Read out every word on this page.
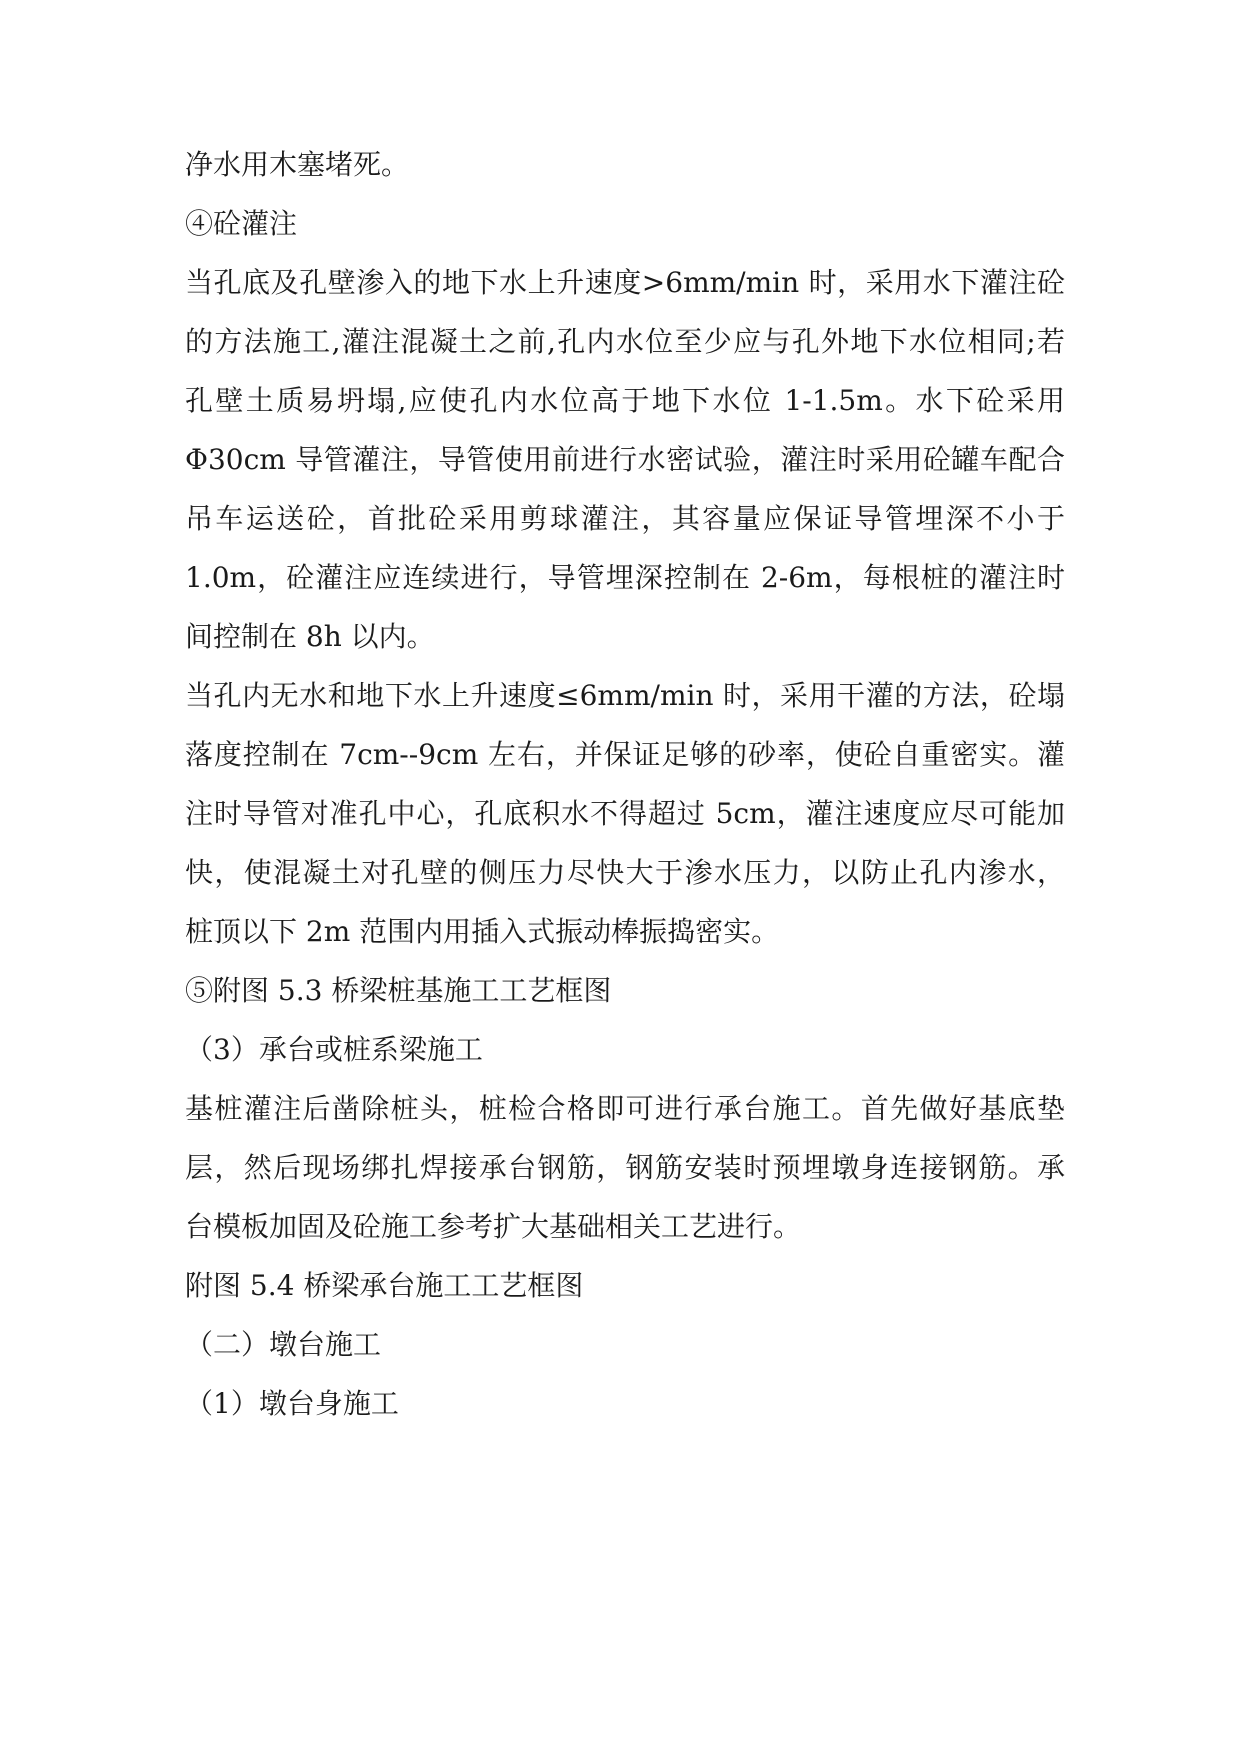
净水用木塞堵死。
④砼灌注
当孔底及孔壁渗入的地下水上升速度>6mm/min 时，采用水下灌注砼
的方法施工,灌注混凝土之前,孔内水位至少应与孔外地下水位相同;若
孔壁土质易坍塌,应使孔内水位高于地下水位 1-1.5m。水下砼采用
Φ30cm 导管灌注，导管使用前进行水密试验，灌注时采用砼罐车配合
吊车运送砼，首批砼采用剪球灌注，其容量应保证导管埋深不小于
1.0m，砼灌注应连续进行，导管埋深控制在 2-6m，每根桩的灌注时
间控制在 8h 以内。
当孔内无水和地下水上升速度≤6mm/min 时，采用干灌的方法，砼塌
落度控制在 7cm--9cm 左右，并保证足够的砂率，使砼自重密实。灌
注时导管对准孔中心，孔底积水不得超过 5cm，灌注速度应尽可能加
快，使混凝土对孔壁的侧压力尽快大于渗水压力，以防止孔内渗水，
桩顶以下 2m 范围内用插入式振动棒振捣密实。
⑤附图 5.3 桥梁桩基施工工艺框图
（3）承台或桩系梁施工
基桩灌注后凿除桩头，桩检合格即可进行承台施工。首先做好基底垫
层，然后现场绑扎焊接承台钢筋，钢筋安装时预埋墩身连接钢筋。承
台模板加固及砼施工参考扩大基础相关工艺进行。
附图 5.4 桥梁承台施工工艺框图
（二）墩台施工
（1）墩台身施工
